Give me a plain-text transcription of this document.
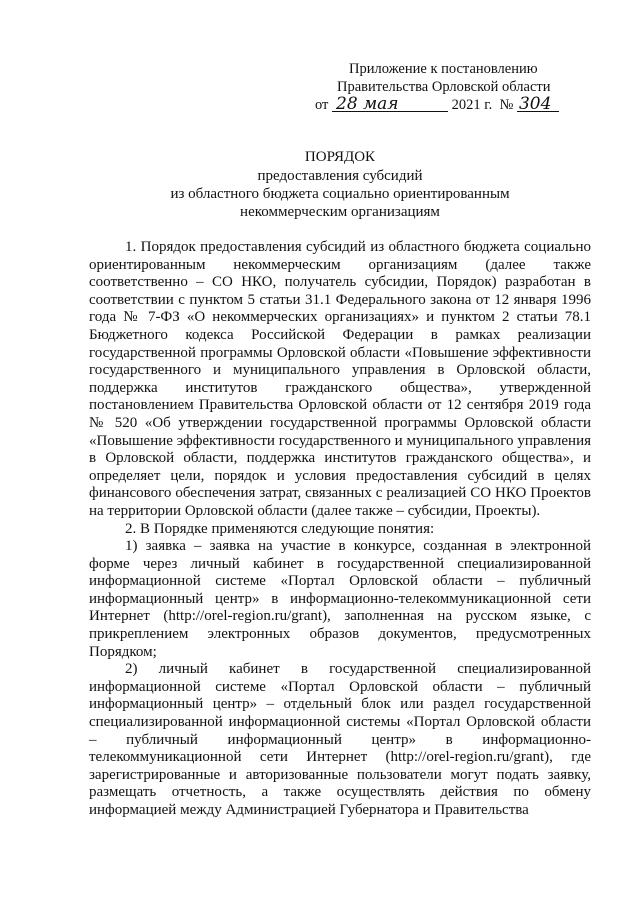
Приложение к постановлению
Правительства Орловской области
от 28 мая	2021 г. № 304
ПОРЯДОК
предоставления субсидий
из областного бюджета социально ориентированным
некоммерческим организациям

1. Порядок предоставления субсидий из областного бюджета социально ориентированным некоммерческим организациям (далее также соответственно – СО НКО, получатель субсидии, Порядок) разработан в соответствии с пунктом 5 статьи 31.1 Федерального закона от 12 января 1996 года № 7-ФЗ «О некоммерческих организациях» и пунктом 2 статьи 78.1 Бюджетного кодекса Российской Федерации в рамках реализации государственной программы Орловской области «Повышение эффективности государственного и муниципального управления в Орловской области, поддержка институтов гражданского общества», утвержденной постановлением Правительства Орловской области от 12 сентября 2019 года № 520 «Об утверждении государственной программы Орловской области «Повышение эффективности государственного и муниципального управления в Орловской области, поддержка институтов гражданского общества», и определяет цели, порядок и условия предоставления субсидий в целях финансового обеспечения затрат, связанных с реализацией СО НКО Проектов на территории Орловской области (далее также – субсидии, Проекты).

2. В Порядке применяются следующие понятия:

1) заявка – заявка на участие в конкурсе, созданная в электронной форме через личный кабинет в государственной специализированной информационной системе «Портал Орловской области – публичный информационный центр» в информационно-телекоммуникационной сети Интернет (http://orel-region.ru/grant), заполненная на русском языке, с прикреплением электронных образов документов, предусмотренных Порядком;

2) личный кабинет в государственной специализированной информационной системе «Портал Орловской области – публичный информационный центр» – отдельный блок или раздел государственной специализированной информационной системы «Портал Орловской области – публичный информационный центр» в информационно-телекоммуникационной сети Интернет (http://orel-region.ru/grant), где зарегистрированные и авторизованные пользователи могут подать заявку, размещать отчетность, а также осуществлять действия по обмену информацией между Администрацией Губернатора и Правительства
